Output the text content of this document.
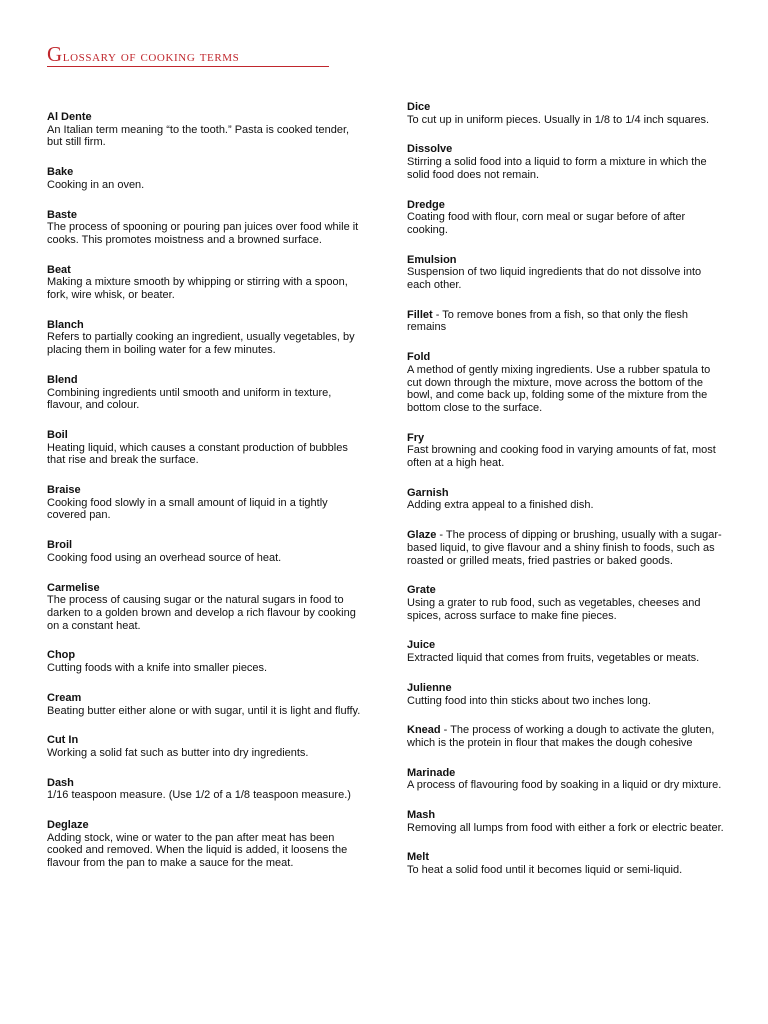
Glossary of cooking terms
Al Dente
An Italian term meaning “to the tooth.” Pasta is cooked tender, but still firm.
Bake
Cooking in an oven.
Baste
The process of spooning or pouring pan juices over food while it cooks. This promotes moistness and a browned surface.
Beat
Making a mixture smooth by whipping or stirring with a spoon, fork, wire whisk, or beater.
Blanch
Refers to partially cooking an ingredient, usually vegetables, by placing them in boiling water for a few minutes.
Blend
Combining ingredients until smooth and uniform in texture, flavour, and colour.
Boil
Heating liquid, which causes a constant production of bubbles that rise and break the surface.
Braise
Cooking food slowly in a small amount of liquid in a tightly covered pan.
Broil
Cooking food using an overhead source of heat.
Carmelise
The process of causing sugar or the natural sugars in food to darken to a golden brown and develop a rich flavour by cooking on a constant heat.
Chop
Cutting foods with a knife into smaller pieces.
Cream
Beating butter either alone or with sugar, until it is light and fluffy.
Cut In
Working a solid fat such as butter into dry ingredients.
Dash
1/16 teaspoon measure. (Use 1/2 of a 1/8 teaspoon measure.)
Deglaze
Adding stock, wine or water to the pan after meat has been cooked and removed. When the liquid is added, it loosens the flavour from the pan to make a sauce for the meat.
Dice
To cut up in uniform pieces. Usually in 1/8 to 1/4 inch squares.
Dissolve
Stirring a solid food into a liquid to form a mixture in which the solid food does not remain.
Dredge
Coating food with flour, corn meal or sugar before of after cooking.
Emulsion
Suspension of two liquid ingredients that do not dissolve into each other.
Fillet - To remove bones from a fish, so that only the flesh remains
Fold
A method of gently mixing ingredients. Use a rubber spatula to cut down through the mixture, move across the bottom of the bowl, and come back up, folding some of the mixture from the bottom close to the surface.
Fry
Fast browning and cooking food in varying amounts of fat, most often at a high heat.
Garnish
Adding extra appeal to a finished dish.
Glaze - The process of dipping or brushing, usually with a sugar-based liquid, to give flavour and a shiny finish to foods, such as roasted or grilled meats, fried pastries or baked goods.
Grate
Using a grater to rub food, such as vegetables, cheeses and spices, across surface to make fine pieces.
Juice
Extracted liquid that comes from fruits, vegetables or meats.
Julienne
Cutting food into thin sticks about two inches long.
Knead - The process of working a dough to activate the gluten, which is the protein in flour that makes the dough cohesive
Marinade
A process of flavouring food by soaking in a liquid or dry mixture.
Mash
Removing all lumps from food with either a fork or electric beater.
Melt
To heat a solid food until it becomes liquid or semi-liquid.
